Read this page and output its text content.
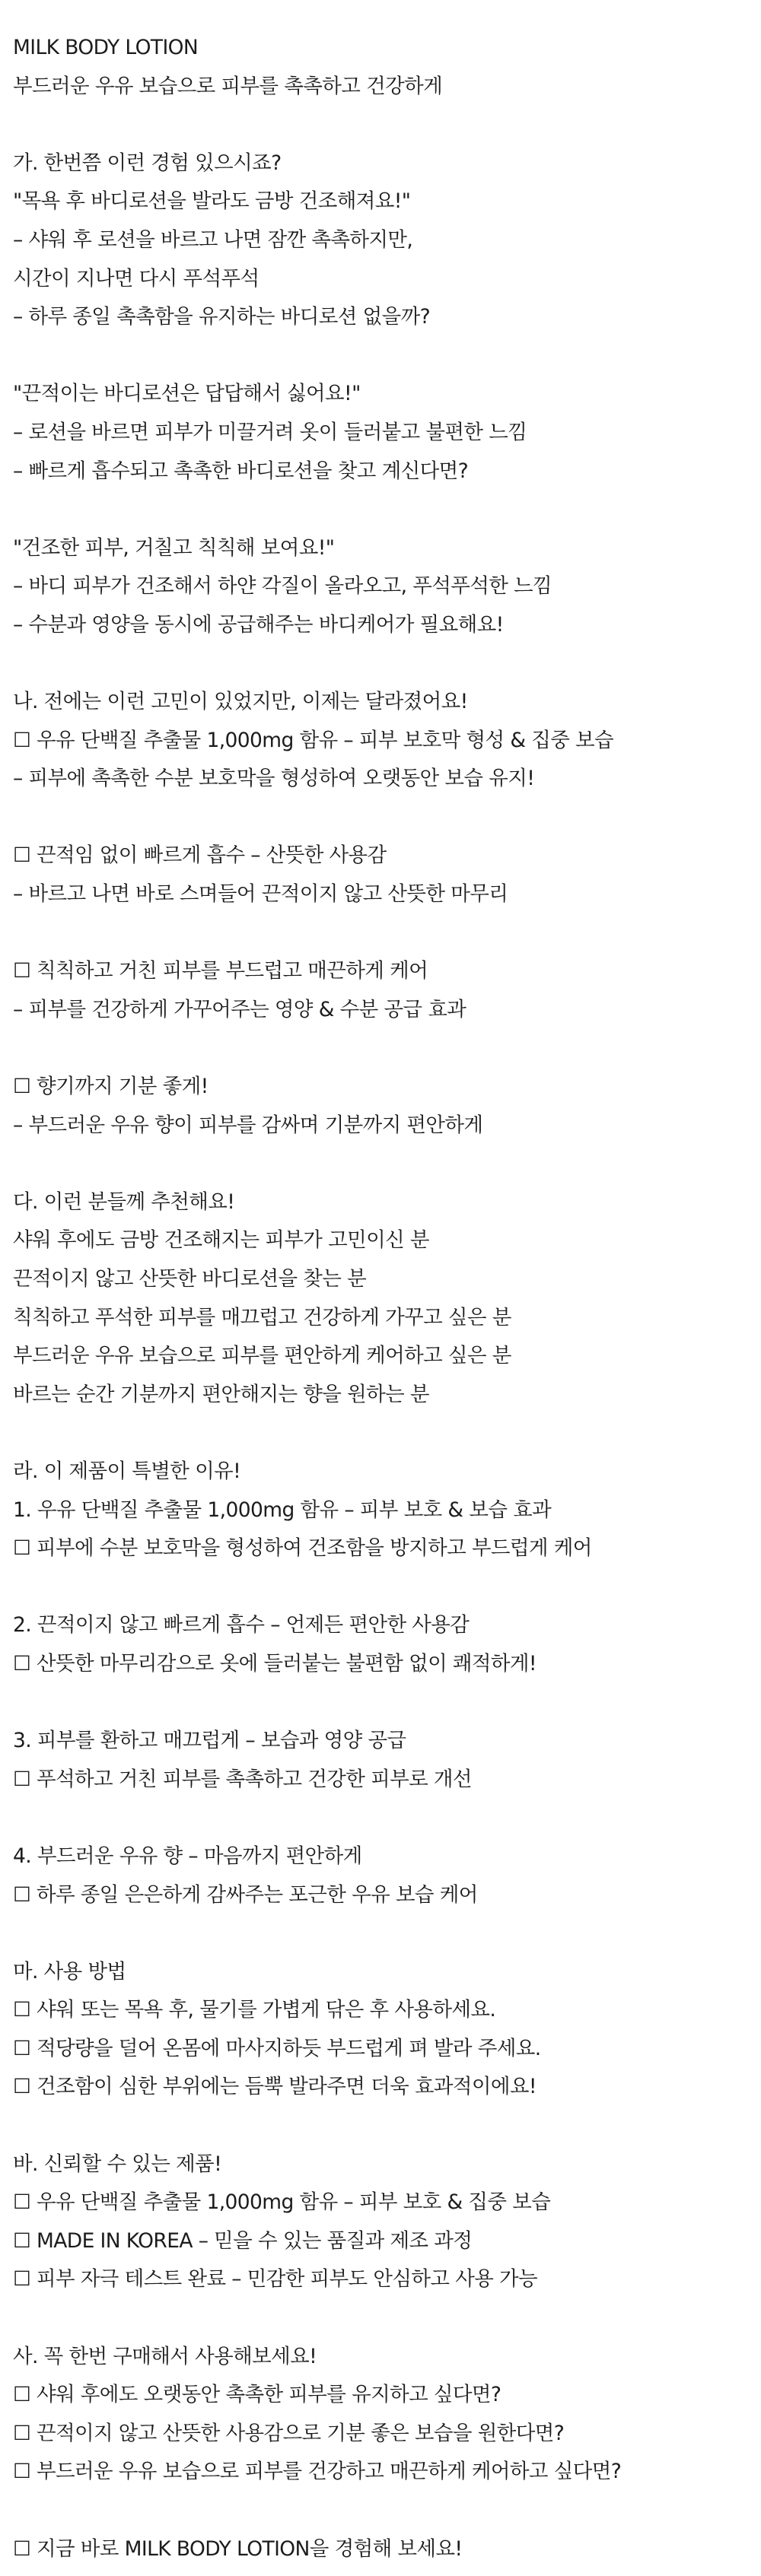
MILK BODY LOTION
부드러운 우유 보습으로 피부를 촉촉하고 건강하게
가. 한번쯤 이런 경험 있으시죠?
"목욕 후 바디로션을 발라도 금방 건조해져요!"
– 샤워 후 로션을 바르고 나면 잠깐 촉촉하지만,
시간이 지나면 다시 푸석푸석
– 하루 종일 촉촉함을 유지하는 바디로션 없을까?
"끈적이는 바디로션은 답답해서 싫어요!"
– 로션을 바르면 피부가 미끌거려 옷이 들러붙고 불편한 느낌
– 빠르게 흡수되고 촉촉한 바디로션을 찾고 계신다면?
"건조한 피부, 거칠고 칙칙해 보여요!"
– 바디 피부가 건조해서 하얀 각질이 올라오고, 푸석푸석한 느낌
– 수분과 영양을 동시에 공급해주는 바디케어가 필요해요!
나. 전에는 이런 고민이 있었지만, 이제는 달라졌어요!
☐ 우유 단백질 추출물 1,000mg 함유 – 피부 보호막 형성 & 집중 보습
– 피부에 촉촉한 수분 보호막을 형성하여 오랫동안 보습 유지!
☐ 끈적임 없이 빠르게 흡수 – 산뜻한 사용감
– 바르고 나면 바로 스며들어 끈적이지 않고 산뜻한 마무리
☐ 칙칙하고 거친 피부를 부드럽고 매끈하게 케어
– 피부를 건강하게 가꾸어주는 영양 & 수분 공급 효과
☐ 향기까지 기분 좋게!
– 부드러운 우유 향이 피부를 감싸며 기분까지 편안하게
다. 이런 분들께 추천해요!
샤워 후에도 금방 건조해지는 피부가 고민이신 분
끈적이지 않고 산뜻한 바디로션을 찾는 분
칙칙하고 푸석한 피부를 매끄럽고 건강하게 가꾸고 싶은 분
부드러운 우유 보습으로 피부를 편안하게 케어하고 싶은 분
바르는 순간 기분까지 편안해지는 향을 원하는 분
라. 이 제품이 특별한 이유!
1. 우유 단백질 추출물 1,000mg 함유 – 피부 보호 & 보습 효과
☐ 피부에 수분 보호막을 형성하여 건조함을 방지하고 부드럽게 케어
2. 끈적이지 않고 빠르게 흡수 – 언제든 편안한 사용감
☐ 산뜻한 마무리감으로 옷에 들러붙는 불편함 없이 쾌적하게!
3. 피부를 환하고 매끄럽게 – 보습과 영양 공급
☐ 푸석하고 거친 피부를 촉촉하고 건강한 피부로 개선
4. 부드러운 우유 향 – 마음까지 편안하게
☐ 하루 종일 은은하게 감싸주는 포근한 우유 보습 케어
마. 사용 방법
☐ 샤워 또는 목욕 후, 물기를 가볍게 닦은 후 사용하세요.
☐ 적당량을 덜어 온몸에 마사지하듯 부드럽게 펴 발라 주세요.
☐ 건조함이 심한 부위에는 듬뿍 발라주면 더욱 효과적이에요!
바. 신뢰할 수 있는 제품!
☐ 우유 단백질 추출물 1,000mg 함유 – 피부 보호 & 집중 보습
☐ MADE IN KOREA – 믿을 수 있는 품질과 제조 과정
☐ 피부 자극 테스트 완료 – 민감한 피부도 안심하고 사용 가능
사. 꼭 한번 구매해서 사용해보세요!
☐ 샤워 후에도 오랫동안 촉촉한 피부를 유지하고 싶다면?
☐ 끈적이지 않고 산뜻한 사용감으로 기분 좋은 보습을 원한다면?
☐ 부드러운 우유 보습으로 피부를 건강하고 매끈하게 케어하고 싶다면?
☐ 지금 바로 MILK BODY LOTION을 경험해 보세요!
